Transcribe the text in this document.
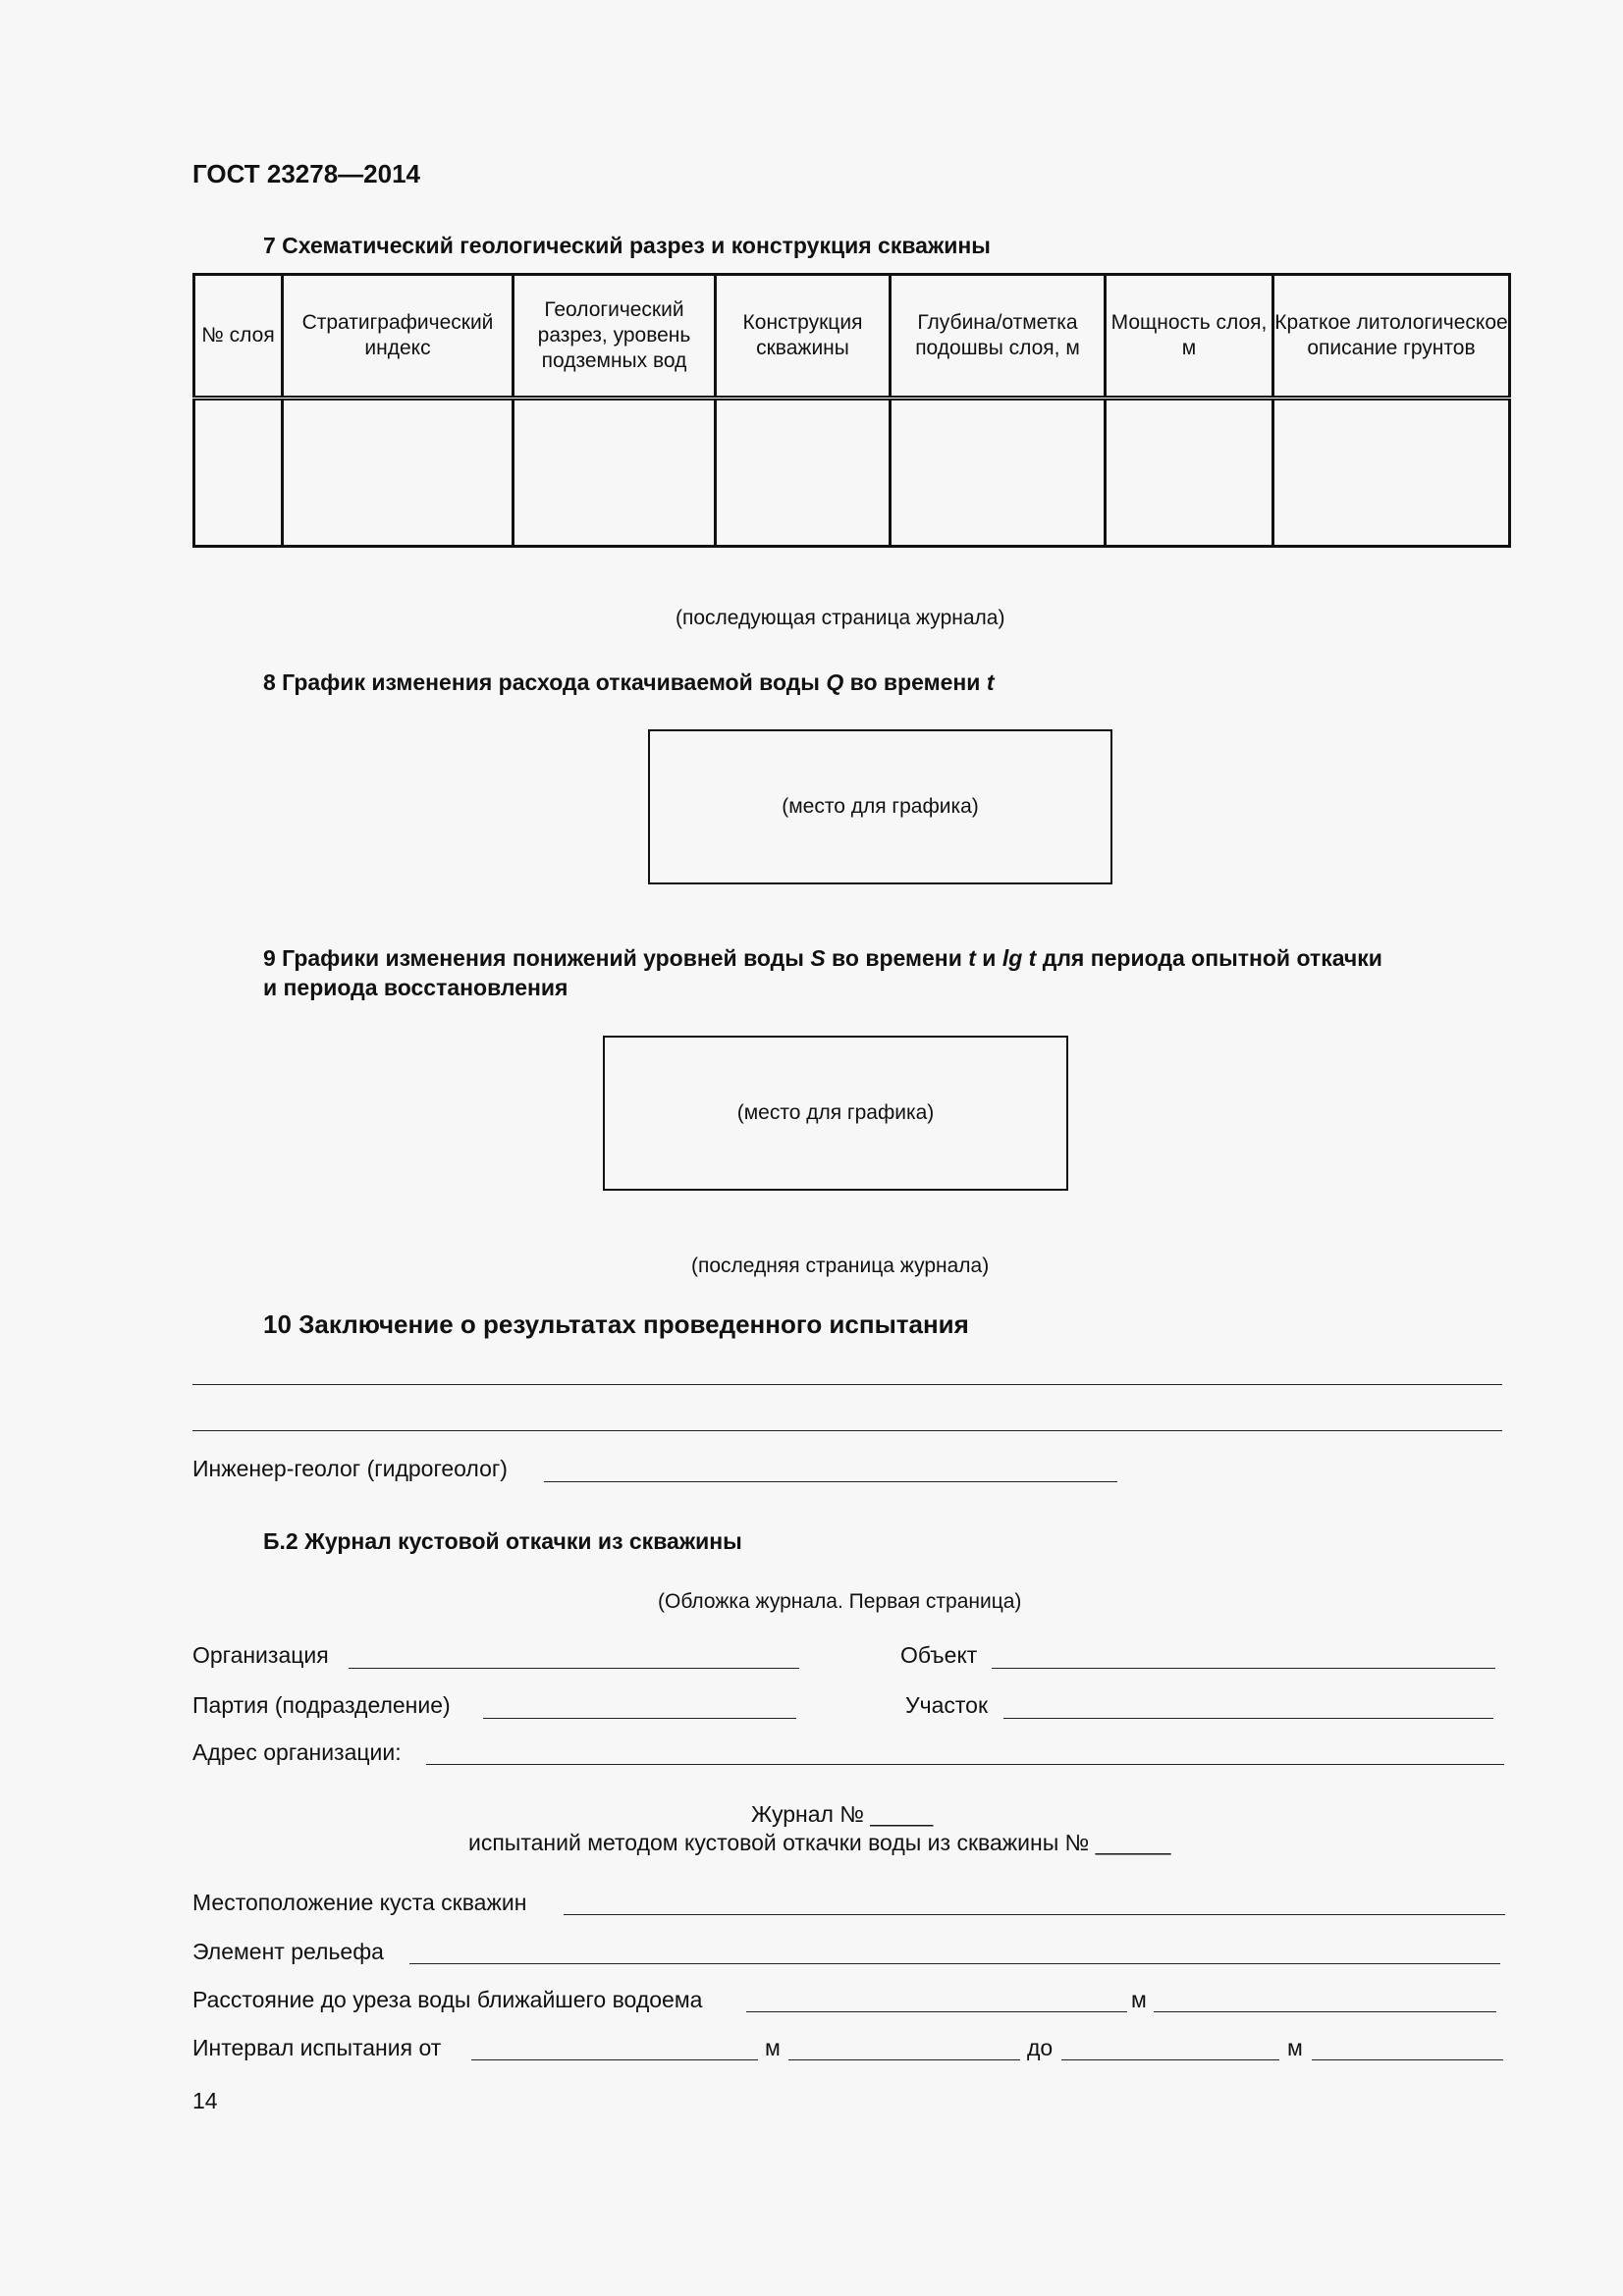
ГОСТ 23278—2014
7 Схематический геологический разрез и конструкция скважины
№ слоя	Стратиграфический индекс	Геологический разрез, уровень подземных вод	Конструкция скважины	Глубина/отметка подошвы слоя, м	Мощность слоя, м	Краткое литологическое описание грунтов

(последующая страница журнала)
8 График изменения расхода откачиваемой воды Q во времени t
(место для графика)
9 Графики изменения понижений уровней воды S во времени t и lg t для периода опытной откачки
и периода восстановления
(место для графика)
(последняя страница журнала)
10 Заключение о результатах проведенного испытания
Инженер-геолог (гидрогеолог)
Б.2 Журнал кустовой откачки из скважины
(Обложка журнала. Первая страница)
Организация	Объект
Партия (подразделение)	Участок
Адрес организации:
Журнал № _____
испытаний методом кустовой откачки воды из скважины № ______
Местоположение куста скважин
Элемент рельефа
Расстояние до уреза воды ближайшего водоема	м
Интервал испытания от	м	до	м
14
